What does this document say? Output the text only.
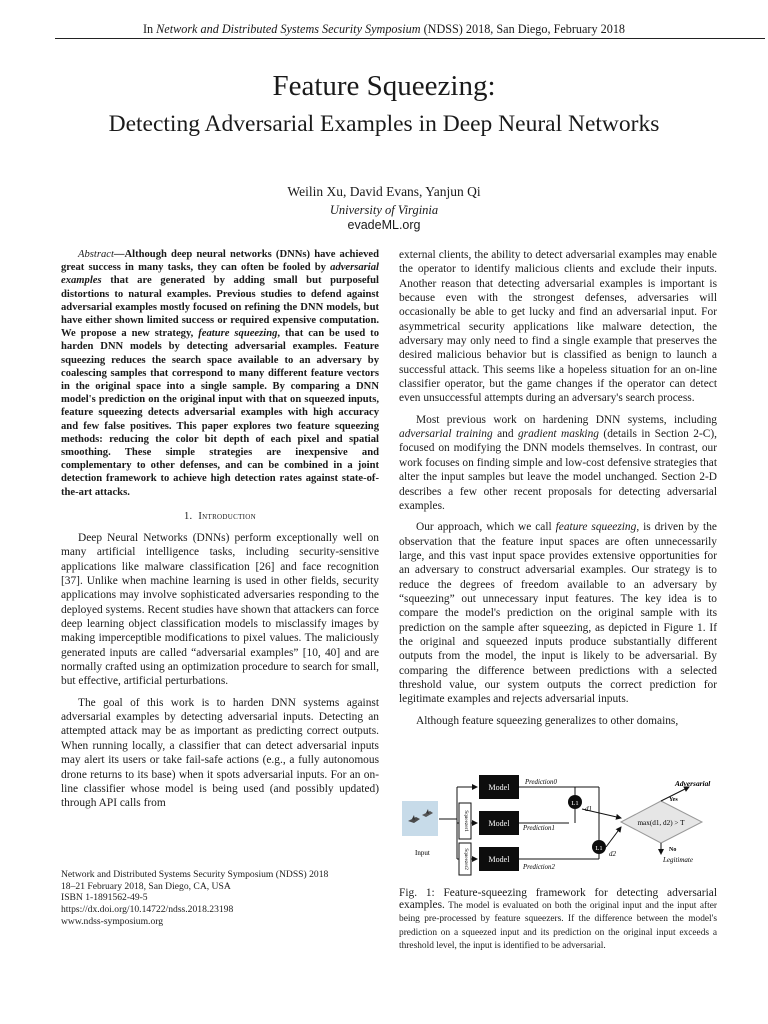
In Network and Distributed Systems Security Symposium (NDSS) 2018, San Diego, February 2018
Feature Squeezing:
Detecting Adversarial Examples in Deep Neural Networks
Weilin Xu, David Evans, Yanjun Qi
University of Virginia
evadeML.org

Abstract—Although deep neural networks (DNNs) have achieved great success in many tasks, they can often be fooled by adversarial examples that are generated by adding small but purposeful distortions to natural examples. Previous studies to defend against adversarial examples mostly focused on refining the DNN models, but have either shown limited success or required expensive computation. We propose a new strategy, feature squeezing, that can be used to harden DNN models by detecting adversarial examples. Feature squeezing reduces the search space available to an adversary by coalescing samples that correspond to many different feature vectors in the original space into a single sample. By comparing a DNN model's prediction on the original input with that on squeezed inputs, feature squeezing detects adversarial examples with high accuracy and few false positives. This paper explores two feature squeezing methods: reducing the color bit depth of each pixel and spatial smoothing. These simple strategies are inexpensive and complementary to other defenses, and can be combined in a joint detection framework to achieve high detection rates against state-of-the-art attacks.

1. Introduction

Deep Neural Networks (DNNs) perform exceptionally well on many artificial intelligence tasks, including security-sensitive applications like malware classification [26] and face recognition [37]. Unlike when machine learning is used in other fields, security applications may involve sophisticated adversaries responding to the deployed systems. Recent studies have shown that attackers can force deep learning object classification models to misclassify images by making imperceptible modifications to pixel values. The maliciously generated inputs are called “adversarial examples” [10, 40] and are normally crafted using an optimization procedure to search for small, but effective, artificial perturbations.

The goal of this work is to harden DNN systems against adversarial examples by detecting adversarial inputs. Detecting an attempted attack may be as important as predicting correct outputs. When running locally, a classifier that can detect adversarial inputs may alert its users or take fail-safe actions (e.g., a fully autonomous drone returns to its base) when it spots adversarial inputs. For an on-line classifier whose model is being used (and possibly updated) through API calls from

Network and Distributed Systems Security Symposium (NDSS) 2018
18–21 February 2018, San Diego, CA, USA
ISBN 1-1891562-49-5
https://dx.doi.org/10.14722/ndss.2018.23198
www.ndss-symposium.org

external clients, the ability to detect adversarial examples may enable the operator to identify malicious clients and exclude their inputs. Another reason that detecting adversarial examples is important is because even with the strongest defenses, adversaries will occasionally be able to get lucky and find an adversarial input. For asymmetrical security applications like malware detection, the adversary may only need to find a single example that preserves the desired malicious behavior but is classified as benign to launch a successful attack. This seems like a hopeless situation for an on-line classifier operator, but the game changes if the operator can detect even unsuccessful attempts during an adversary's search process.

Most previous work on hardening DNN systems, including adversarial training and gradient masking (details in Section 2-C), focused on modifying the DNN models themselves. In contrast, our work focuses on finding simple and low-cost defensive strategies that alter the input samples but leave the model unchanged. Section 2-D describes a few other recent proposals for detecting adversarial examples.

Our approach, which we call feature squeezing, is driven by the observation that the feature input spaces are often unnecessarily large, and this vast input space provides extensive opportunities for an adversary to construct adversarial examples. Our strategy is to reduce the degrees of freedom available to an adversary by “squeezing” out unnecessary input features. The key idea is to compare the model's prediction on the original sample with its prediction on the sample after squeezing, as depicted in Figure 1. If the original and squeezed inputs produce substantially different outputs from the model, the input is likely to be adversarial. By comparing the difference between predictions with a selected threshold value, our system outputs the correct prediction for legitimate examples and rejects adversarial inputs.

Although feature squeezing generalizes to other domains,

Squeezer1
Squeezer2
Model
Model
Model
Prediction0
Prediction1
Prediction2
L1
L1
d1
d2
max(d1, d2) > T
Yes
No
Adversarial
Legitimate
Input
Fig. 1: Feature-squeezing framework for detecting adversarial examples. The model is evaluated on both the original input and the input after being pre-processed by feature squeezers. If the difference between the model's prediction on a squeezed input and its prediction on the original input exceeds a threshold level, the input is identified to be adversarial.
